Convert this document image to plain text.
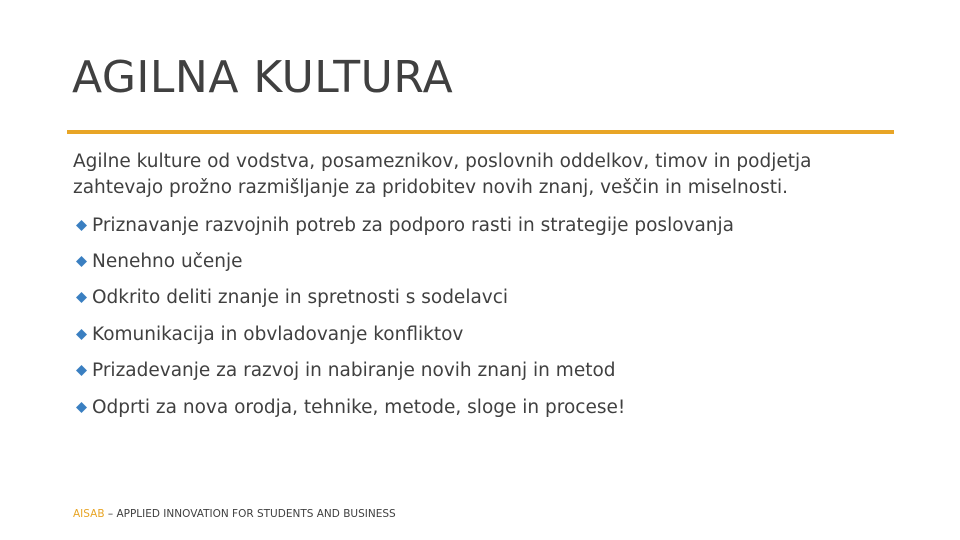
AGILNA KULTURA
Agilne kulture od vodstva, posameznikov, poslovnih oddelkov, timov in podjetja zahtevajo prožno razmišljanje za pridobitev novih znanj, veščin in miselnosti.
Priznavanje razvojnih potreb za podporo rasti in strategije poslovanja
Nenehno učenje
Odkrito deliti znanje in spretnosti s sodelavci
Komunikacija in obvladovanje konfliktov
Prizadevanje za razvoj in nabiranje novih znanj in metod
Odprti za nova orodja, tehnike, metode, sloge in procese!
AISAB – APPLIED INNOVATION FOR STUDENTS AND BUSINESS
